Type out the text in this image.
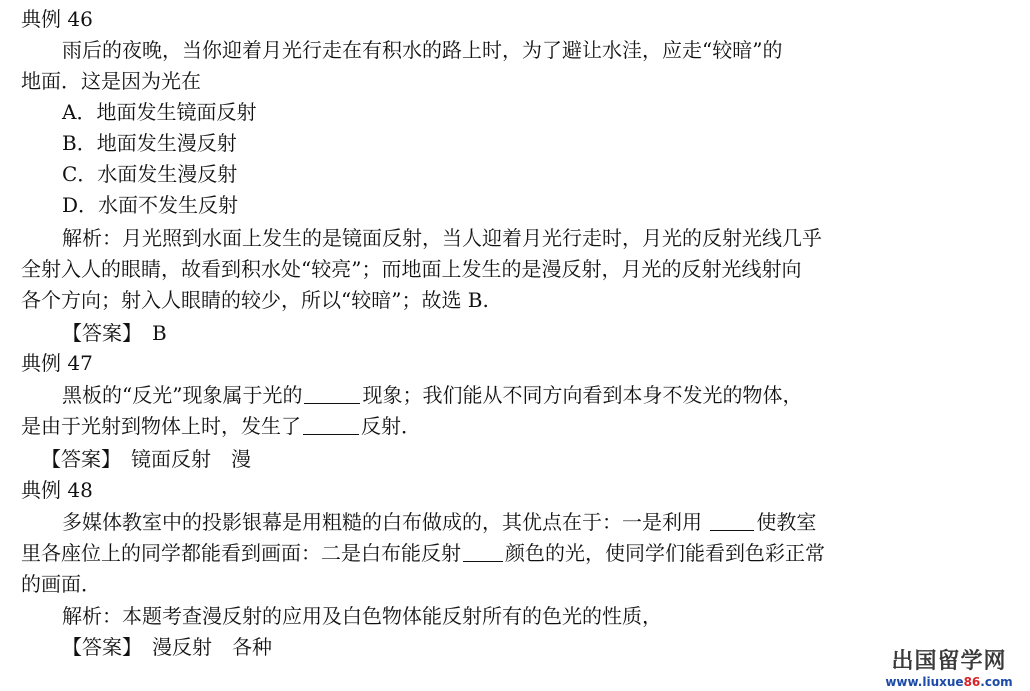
典例 46
雨后的夜晚，当你迎着月光行走在有积水的路上时，为了避让水洼，应走“较暗”的
地面．这是因为光在
A．地面发生镜面反射
B．地面发生漫反射
C．水面发生漫反射
D．水面不发生反射
解析：月光照到水面上发生的是镜面反射，当人迎着月光行走时，月光的反射光线几乎
全射入人的眼睛，故看到积水处“较亮”；而地面上发生的是漫反射，月光的反射光线射向
各个方向；射入人眼睛的较少，所以“较暗”；故选 B.
【答案】　B
典例 47
黑板的“反光”现象属于光的	现象；我们能从不同方向看到本身不发光的物体，
是由于光射到物体上时，发生了	反射．
【答案】　镜面反射　漫
典例 48
多媒体教室中的投影银幕是用粗糙的白布做成的，其优点在于：一是利用 使教室
里各座位上的同学都能看到画面：二是白布能反射 颜色的光，使同学们能看到色彩正常
的画面．
解析：本题考查漫反射的应用及白色物体能反射所有的色光的性质，
【答案】　漫反射　各种
出国留学网
www.liuxue86.com
